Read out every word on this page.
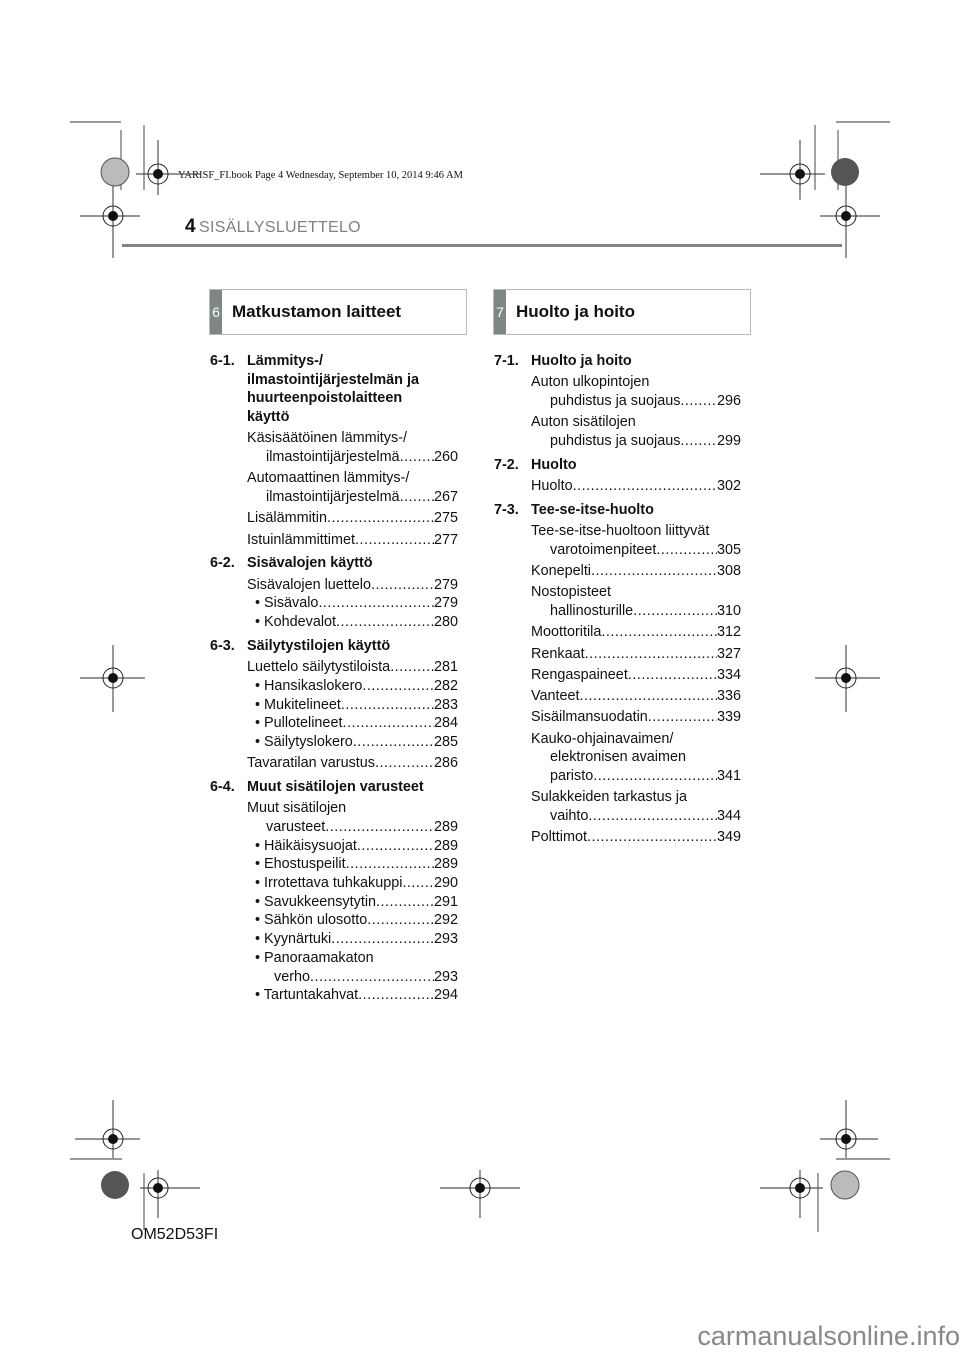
YARISF_FI.book Page 4 Wednesday, September 10, 2014 9:46 AM
4 SISÄLLYSLUETTELO
6 Matkustamon laitteet	7 Huolto ja hoito
6-1. Lämmitys-/
ilmastointijärjestelmän ja
huurteenpoistolaitteen
käyttö
Käsisäätöinen lämmitys-/
ilmastointijärjestelmä ..... 260
Automaattinen lämmitys-/
ilmastointijärjestelmä ..... 267
Lisälämmitin .....	275
Istuinlämmittimet .....	277
6-2. Sisävalojen käyttö
Sisävalojen luettelo .....	279
• Sisävalo .....	279
• Kohdevalot .....	280
6-3. Säilytystilojen käyttö
Luettelo säilytystiloista .....	281
• Hansikaslokero .....	282
• Mukitelineet .....	283
• Pullotelineet .....	284
• Säilytyslokero .....	285
Tavaratilan varustus .....	286
6-4. Muut sisätilojen varusteet
Muut sisätilojen
varusteet .....	289
• Häikäisysuojat .....	289
• Ehostuspeilit .....	289
• Irrotettava tuhkakuppi ..... 290
• Savukkeensytytin .....	291
• Sähkön ulosotto .....	292
• Kyynärtuki .....	293
• Panoraamakaton
verho .....	293
• Tartuntakahvat .....	294
7-1. Huolto ja hoito
Auton ulkopintojen
puhdistus ja suojaus .....	296
Auton sisätilojen
puhdistus ja suojaus .....	299
7-2. Huolto
Huolto .....	302
7-3. Tee-se-itse-huolto
Tee-se-itse-huoltoon liittyvät
varotoimenpiteet .....	305
Konepelti .....	308
Nostopisteet
hallinosturille .....	310
Moottoritila .....	312
Renkaat .....	327
Rengaspaineet .....	334
Vanteet .....	336
Sisäilmansuodatin .....	339
Kauko-ohjainavaimen/
elektronisen avaimen
paristo .....	341
Sulakkeiden tarkastus ja
vaihto .....	344
Polttimot .....	349
OM52D53FI
carmanualsonline.info
